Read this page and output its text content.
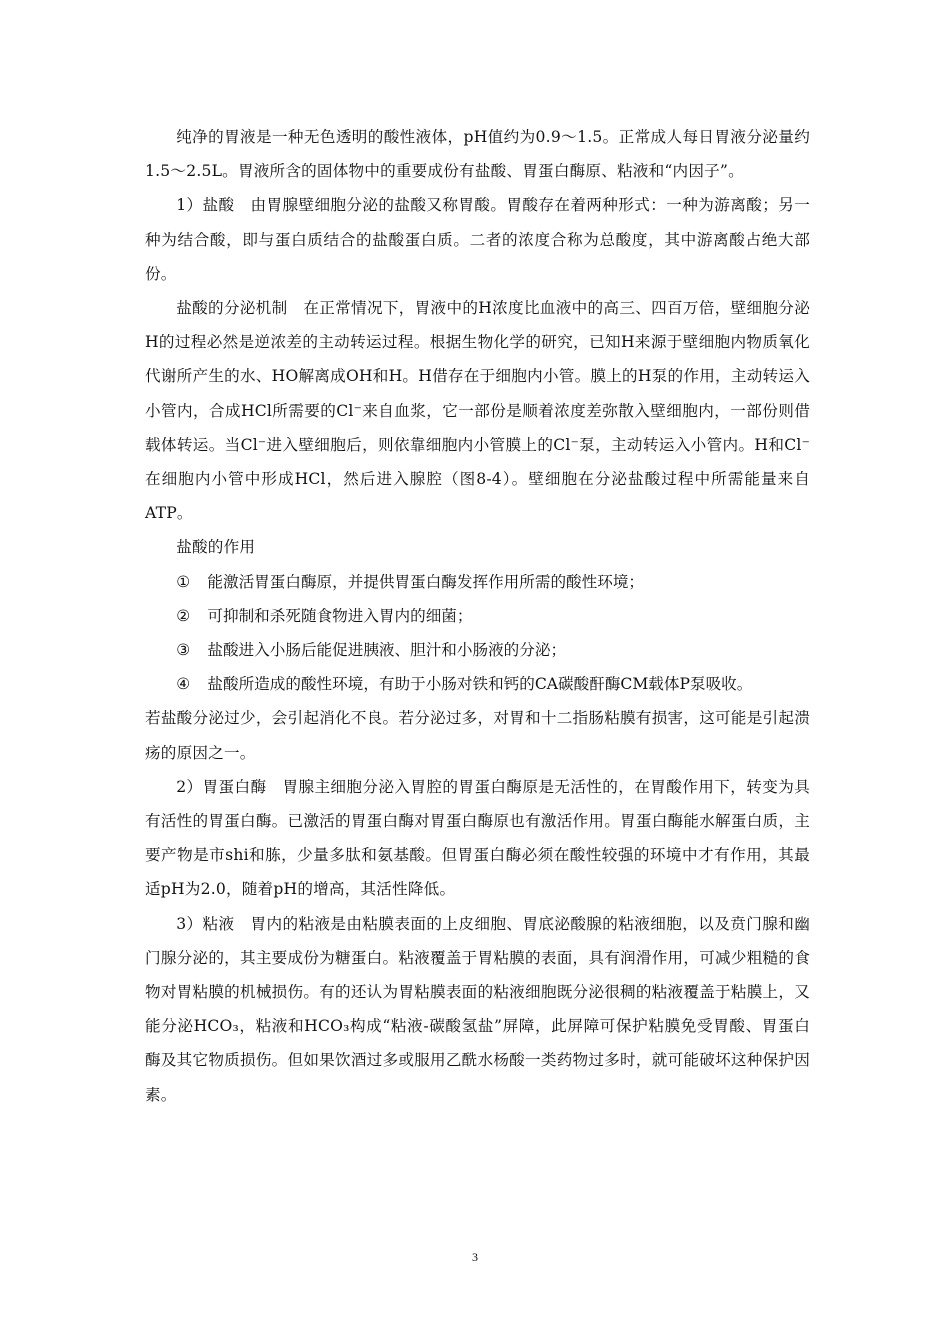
纯净的胃液是一种无色透明的酸性液体，pH值约为0.9～1.5。正常成人每日胃液分泌量约1.5～2.5L。胃液所含的固体物中的重要成份有盐酸、胃蛋白酶原、粘液和“内因子”。

1）盐酸　由胃腺壁细胞分泌的盐酸又称胃酸。胃酸存在着两种形式：一种为游离酸；另一种为结合酸，即与蛋白质结合的盐酸蛋白质。二者的浓度合称为总酸度，其中游离酸占绝大部份。

盐酸的分泌机制　在正常情况下，胃液中的H浓度比血液中的高三、四百万倍，壁细胞分泌H的过程必然是逆浓差的主动转运过程。根据生物化学的研究，已知H来源于壁细胞内物质氧化代谢所产生的水、HO解离成OH和H。H借存在于细胞内小管。膜上的H泵的作用，主动转运入小管内，合成HCl所需要的Cl⁻来自血浆，它一部份是顺着浓度差弥散入壁细胞内，一部份则借载体转运。当Cl⁻进入壁细胞后，则依靠细胞内小管膜上的Cl⁻泵，主动转运入小管内。H和Cl⁻在细胞内小管中形成HCl，然后进入腺腔（图8-4）。壁细胞在分泌盐酸过程中所需能量来自ATP。

盐酸的作用

① 能激活胃蛋白酶原，并提供胃蛋白酶发挥作用所需的酸性环境；

② 可抑制和杀死随食物进入胃内的细菌；

③ 盐酸进入小肠后能促进胰液、胆汁和小肠液的分泌；

④ 盐酸所造成的酸性环境，有助于小肠对铁和钙的CA碳酸酐酶CM载体P泵吸收。

若盐酸分泌过少，会引起消化不良。若分泌过多，对胃和十二指肠粘膜有损害，这可能是引起溃疡的原因之一。

2）胃蛋白酶　胃腺主细胞分泌入胃腔的胃蛋白酶原是无活性的，在胃酸作用下，转变为具有活性的胃蛋白酶。已激活的胃蛋白酶对胃蛋白酶原也有激活作用。胃蛋白酶能水解蛋白质，主要产物是市shi和胨，少量多肽和氨基酸。但胃蛋白酶必须在酸性较强的环境中才有作用，其最适pH为2.0，随着pH的增高，其活性降低。

3）粘液　胃内的粘液是由粘膜表面的上皮细胞、胃底泌酸腺的粘液细胞，以及贲门腺和幽门腺分泌的，其主要成份为糖蛋白。粘液覆盖于胃粘膜的表面，具有润滑作用，可减少粗糙的食物对胃粘膜的机械损伤。有的还认为胃粘膜表面的粘液细胞既分泌很稠的粘液覆盖于粘膜上，又能分泌HCO₃，粘液和HCO₃构成“粘液-碳酸氢盐”屏障，此屏障可保护粘膜免受胃酸、胃蛋白酶及其它物质损伤。但如果饮酒过多或服用乙酰水杨酸一类药物过多时，就可能破坏这种保护因素。

3
